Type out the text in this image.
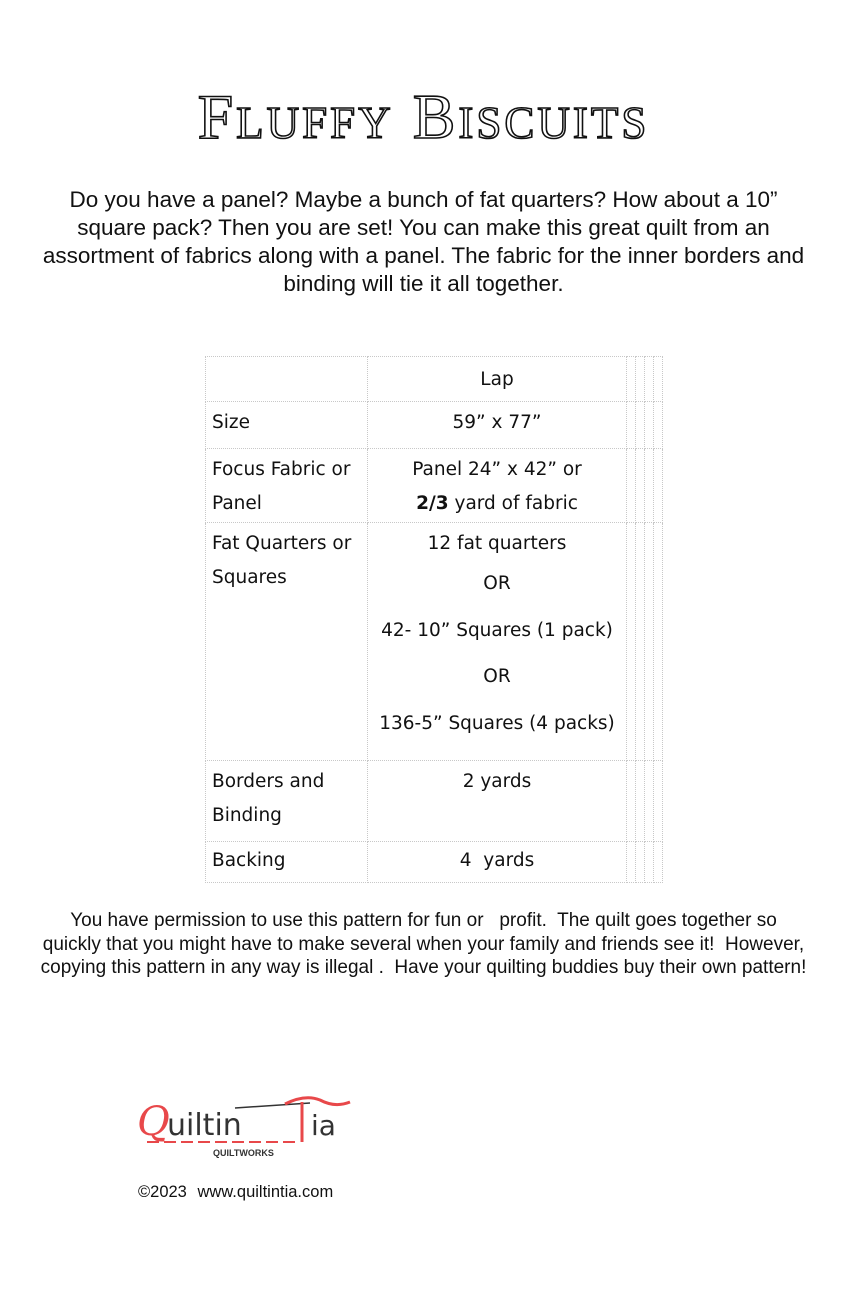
Fluffy Biscuits

Do you have a panel? Maybe a bunch of fat quarters? How about a 10” square pack? Then you are set! You can make this great quilt from an assortment of fabrics along with a panel. The fabric for the inner borders and binding will tie it all together.

	Lap				
Size	59” x 77”				
Focus Fabric or Panel	Panel 24” x 42” or
2/3 yard of fabric				

Fat Quarters or Squares	12 fat quarters
OR
42- 10” Squares (1 pack)
OR
136-5” Squares (4 packs)				

Borders and Binding	2 yards				
Backing	4  yards				
You have permission to use this pattern for fun or   profit.  The quilt goes together so quickly that you might have to make several when your family and friends see it!  However, copying this pattern in any way is illegal .  Have your quilting buddies buy their own pattern!
Q
uiltin ia
QUILTWORKS
©2023 www.quiltintia.com
